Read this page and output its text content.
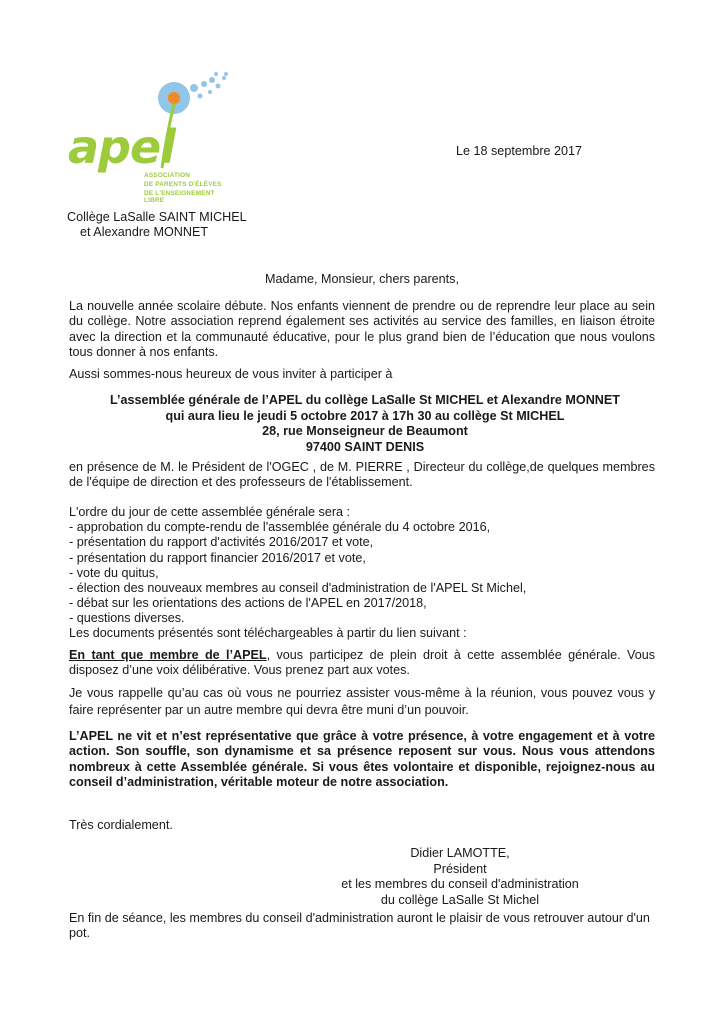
apel
ASSOCIATION
DE PARENTS D'ÉLÈVES
DE L'ENSEIGNEMENT LIBRE
Le 18 septembre 2017
Collège LaSalle SAINT MICHEL
et Alexandre MONNET
Madame, Monsieur, chers parents,
La nouvelle année scolaire débute. Nos enfants viennent de prendre ou de reprendre leur place au sein du collège. Notre association reprend également ses activités au service des familles, en liaison étroite avec la direction et la communauté éducative, pour le plus grand bien de l’éducation que nous voulons tous donner à nos enfants.
Aussi sommes-nous heureux de vous inviter à participer à
L’assemblée générale de l’APEL du collège LaSalle St MICHEL et Alexandre MONNET
qui aura lieu le jeudi 5 octobre 2017 à 17h 30 au collège St MICHEL
28, rue Monseigneur de Beaumont
97400 SAINT DENIS
en présence de M. le Président de l'OGEC , de M. PIERRE , Directeur du collège,de quelques membres de l'équipe de direction et des professeurs de l'établissement.
L'ordre du jour de cette assemblée générale sera :
- approbation du compte-rendu de l'assemblée générale du 4 octobre 2016,
- présentation du rapport d'activités 2016/2017 et vote,
- présentation du rapport financier 2016/2017 et vote,
- vote du quitus,
- élection des nouveaux membres au conseil d'administration de l'APEL St Michel,
- débat sur les orientations des actions de l'APEL en 2017/2018,
- questions diverses.
Les documents présentés sont téléchargeables à partir du lien suivant :
En tant que membre de l’APEL, vous participez de plein droit à cette assemblée générale. Vous disposez d’une voix délibérative. Vous prenez part aux votes.
Je vous rappelle qu’au cas où vous ne pourriez assister vous-même à la réunion, vous pouvez vous y faire représenter par un autre membre qui devra être muni d’un pouvoir.
L’APEL ne vit et n’est représentative que grâce à votre présence, à votre engagement et à votre action. Son souffle, son dynamisme et sa présence reposent sur vous. Nous vous attendons nombreux à cette Assemblée générale. Si vous êtes volontaire et disponible, rejoignez-nous au conseil d’administration, véritable moteur de notre association.
Très cordialement.
Didier LAMOTTE,
Président
et les membres du conseil d'administration
du collège LaSalle St Michel
En fin de séance, les membres du conseil d'administration auront le plaisir de vous retrouver autour d'un pot.
